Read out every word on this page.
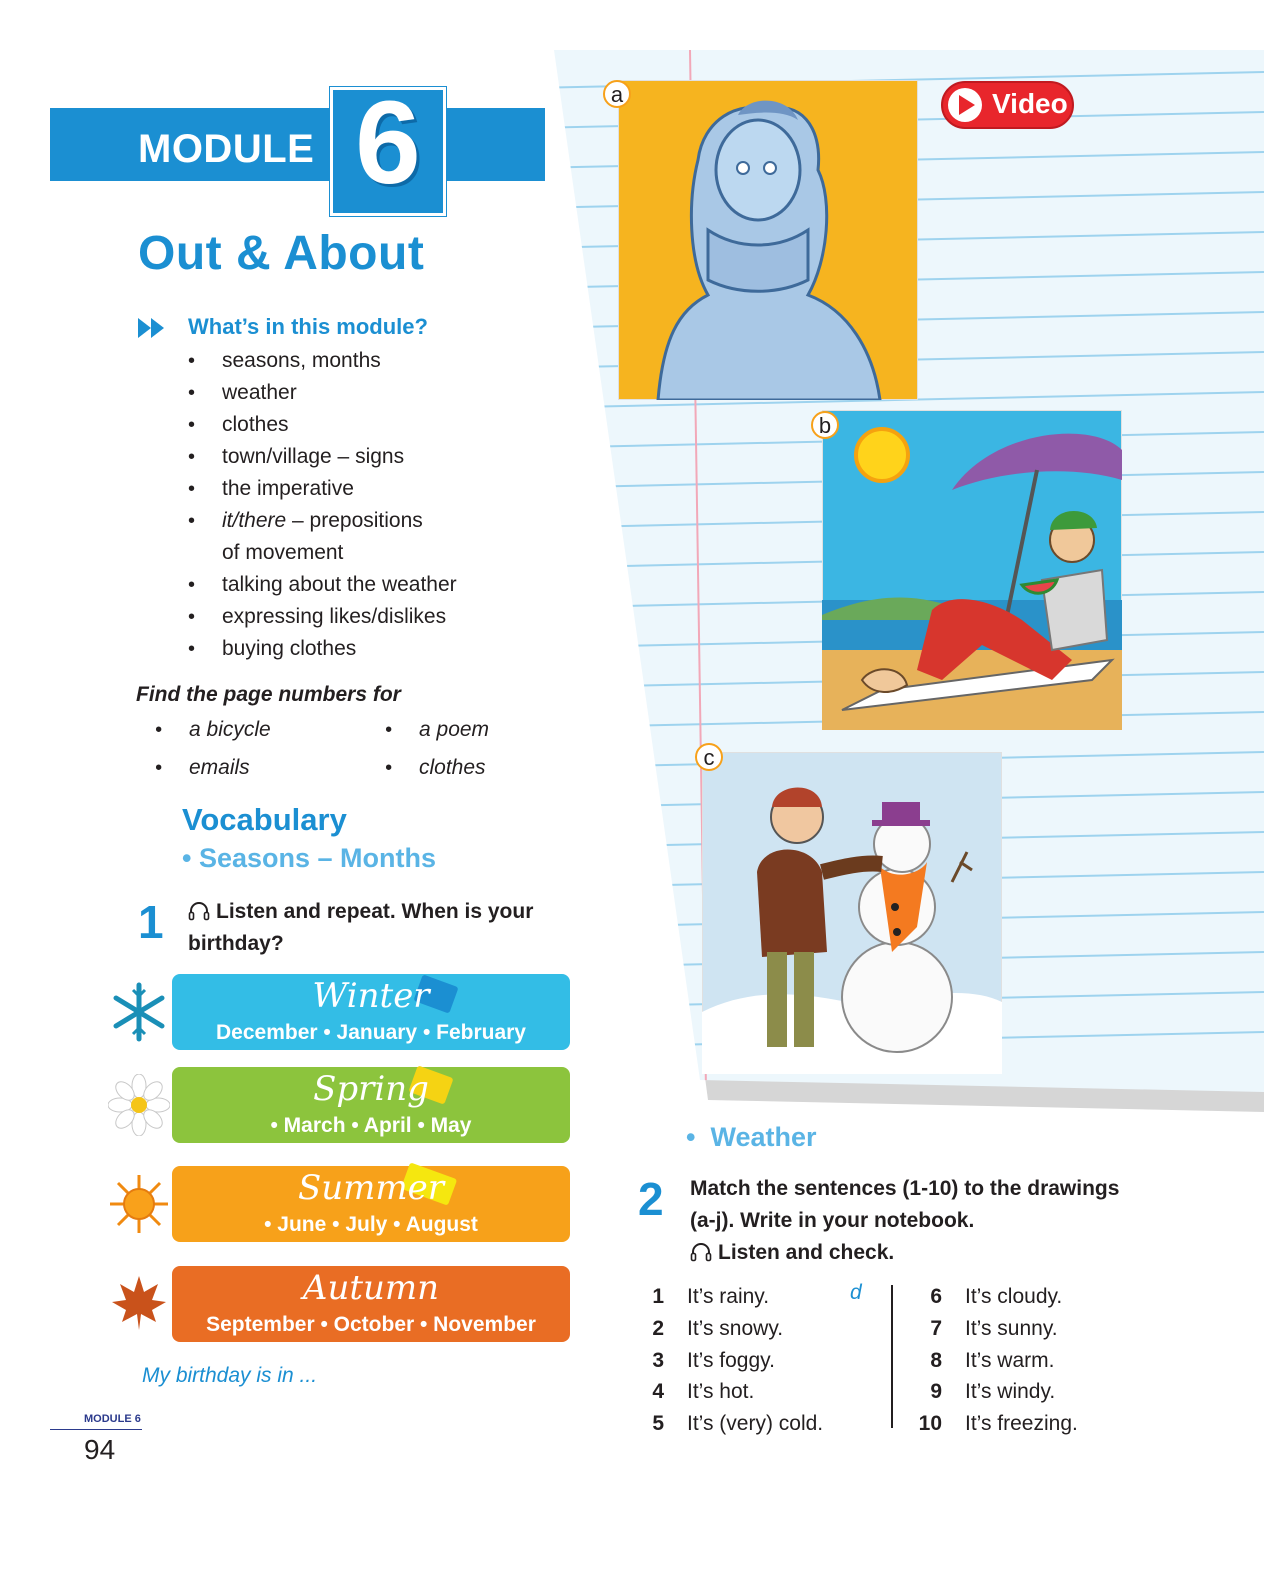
MODULE 6
Out & About
What’s in this module?
• seasons, months
• weather
• clothes
• town/village – signs
• the imperative
• it/there – prepositions
of movement
• talking about the weather
• expressing likes/dislikes
• buying clothes
Find the page numbers for
• a bicycle
• emails
• a poem
• clothes
Vocabulary
• Seasons – Months
1	Listen and repeat. When is your birthday?
Winter
December • January • February
Spring
• March • April • May
Summer
• June • July • August
Autumn
September • October • November
My birthday is in ...
MODULE 6
94
a
b
c
Video
•  Weather
2 Match the sentences (1-10) to the drawings (a-j). Write in your notebook.
Listen and check.
1 It’s rainy.
2 It’s snowy.
3 It’s foggy.
4 It’s hot.
5 It’s (very) cold.
d	6 It’s cloudy.
7 It’s sunny.
8 It’s warm.
9 It’s windy.
10 It’s freezing.
